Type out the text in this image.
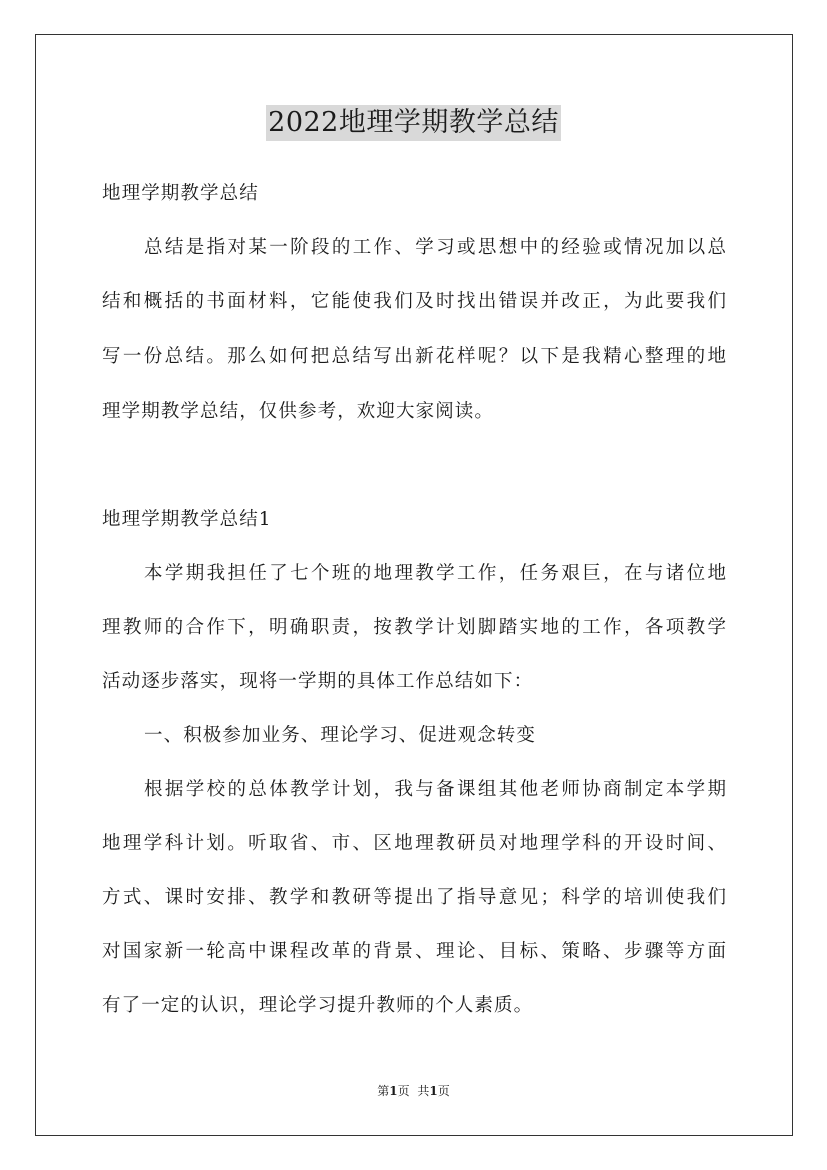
2022地理学期教学总结
地理学期教学总结
总结是指对某一阶段的工作、学习或思想中的经验或情况加以总
结和概括的书面材料，它能使我们及时找出错误并改正，为此要我们
写一份总结。那么如何把总结写出新花样呢？以下是我精心整理的地
理学期教学总结，仅供参考，欢迎大家阅读。
地理学期教学总结1
本学期我担任了七个班的地理教学工作，任务艰巨，在与诸位地
理教师的合作下，明确职责，按教学计划脚踏实地的工作，各项教学
活动逐步落实，现将一学期的具体工作总结如下：
一、积极参加业务、理论学习、促进观念转变
根据学校的总体教学计划，我与备课组其他老师协商制定本学期
地理学科计划。听取省、市、区地理教研员对地理学科的开设时间、
方式、课时安排、教学和教研等提出了指导意见；科学的培训使我们
对国家新一轮高中课程改革的背景、理论、目标、策略、步骤等方面
有了一定的认识，理论学习提升教师的个人素质。
第1页 共1页
